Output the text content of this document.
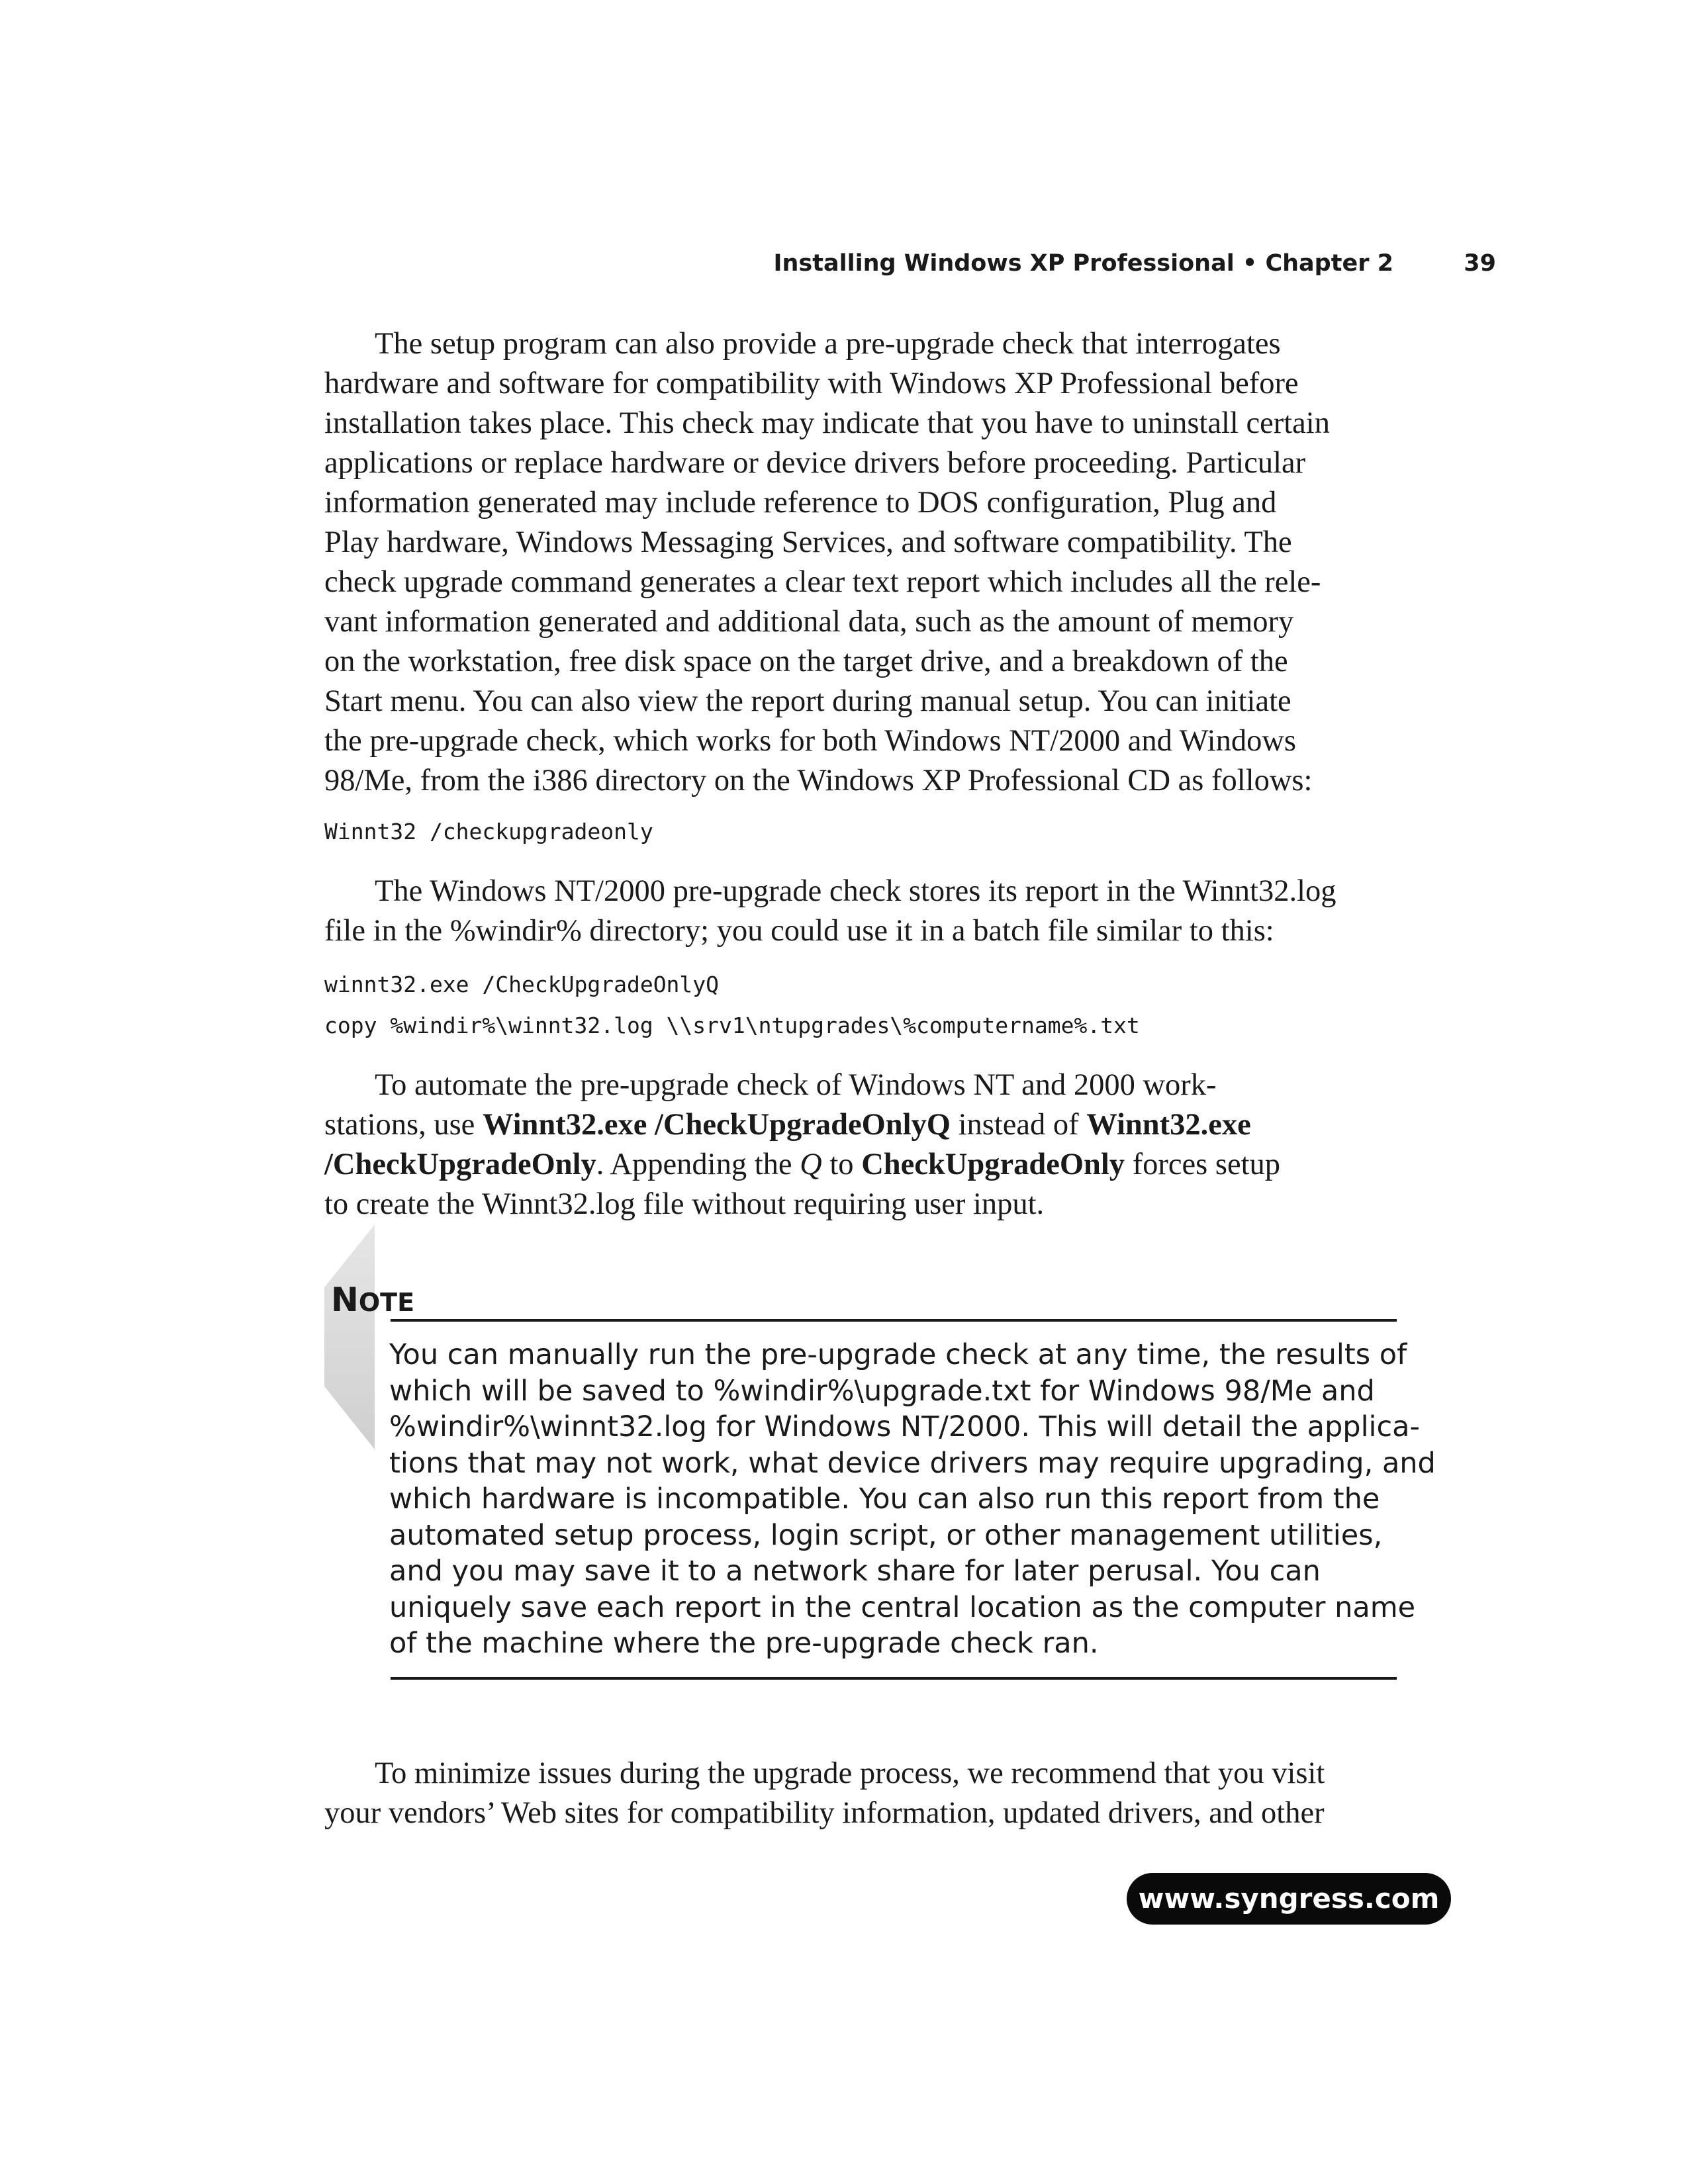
Installing Windows XP Professional • Chapter 2	39
The setup program can also provide a pre-upgrade check that interrogates
hardware and software for compatibility with Windows XP Professional before
installation takes place. This check may indicate that you have to uninstall certain
applications or replace hardware or device drivers before proceeding. Particular
information generated may include reference to DOS configuration, Plug and
Play hardware, Windows Messaging Services, and software compatibility. The
check upgrade command generates a clear text report which includes all the rele-
vant information generated and additional data, such as the amount of memory
on the workstation, free disk space on the target drive, and a breakdown of the
Start menu. You can also view the report during manual setup. You can initiate
the pre-upgrade check, which works for both Windows NT/2000 and Windows
98/Me, from the i386 directory on the Windows XP Professional CD as follows:
Winnt32 /checkupgradeonly
The Windows NT/2000 pre-upgrade check stores its report in the Winnt32.log
file in the %windir% directory; you could use it in a batch file similar to this:
winnt32.exe /CheckUpgradeOnlyQ
copy %windir%\winnt32.log \\srv1\ntupgrades\%computername%.txt
To automate the pre-upgrade check of Windows NT and 2000 work-
stations, use Winnt32.exe /CheckUpgradeOnlyQ instead of Winnt32.exe
/CheckUpgradeOnly. Appending the Q to CheckUpgradeOnly forces setup
to create the Winnt32.log file without requiring user input.
NOTE
You can manually run the pre-upgrade check at any time, the results of
which will be saved to %windir%\upgrade.txt for Windows 98/Me and
%windir%\winnt32.log for Windows NT/2000. This will detail the applica-
tions that may not work, what device drivers may require upgrading, and
which hardware is incompatible. You can also run this report from the
automated setup process, login script, or other management utilities,
and you may save it to a network share for later perusal. You can
uniquely save each report in the central location as the computer name
of the machine where the pre-upgrade check ran.
To minimize issues during the upgrade process, we recommend that you visit
your vendors’ Web sites for compatibility information, updated drivers, and other
www.syngress.com
